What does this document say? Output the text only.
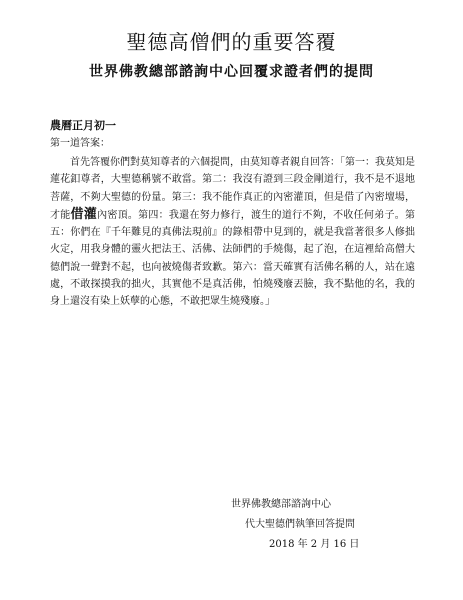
聖德高僧們的重要答覆
世界佛教總部諮詢中心回覆求證者們的提問
農曆正月初一
第一道答案：

首先答覆你們對莫知尊者的六個提問，由莫知尊者親自回答：「第一：我莫知是蓮花釦尊者，大聖德稱號不敢當。第二：我沒有證到三段金剛道行，我不是不退地菩薩，不夠大聖德的份量。第三：我不能作真正的內密灌頂，但是借了內密壇場，才能借灌內密頂。第四：我還在努力修行，渡生的道行不夠，不收任何弟子。第五：你們在『千年難見的真佛法現前』的錄相帶中見到的，就是我當著很多人修拙火定，用我身體的靈火把法王、活佛、法師們的手燒傷，起了泡，在這裡給高僧大德們說一聲對不起，也向被燒傷者致歉。第六：當天確實有活佛名稱的人，站在遠處，不敢探摸我的拙火，其實他不是真活佛，怕燒殘廢丟臉，我不點他的名，我的身上還沒有染上妖孽的心態，不敢把眾生燒殘廢。」

世界佛教總部諮詢中心
代大聖德們執筆回答提問
2018 年 2 月 16 日
